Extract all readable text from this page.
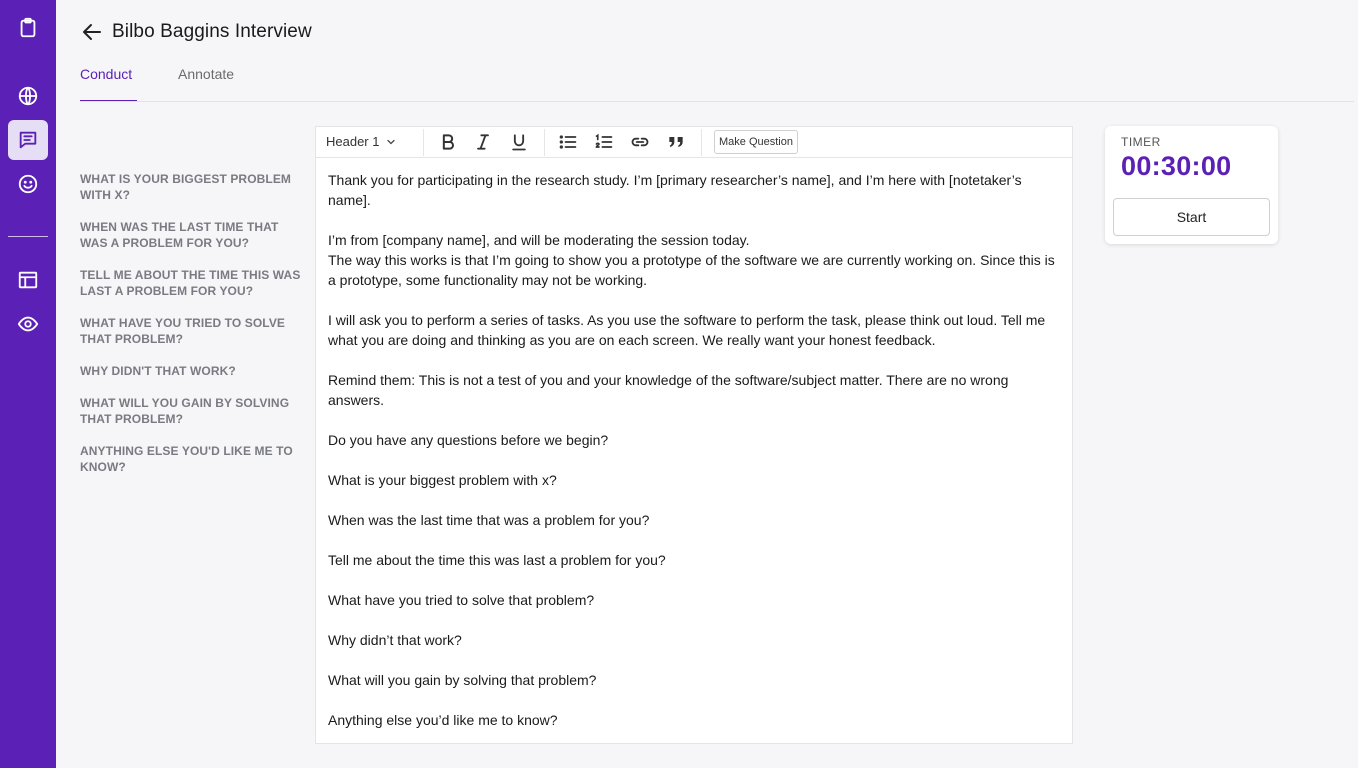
Bilbo Baggins Interview
Conduct	Annotate
WHAT IS YOUR BIGGEST PROBLEM WITH X?
WHEN WAS THE LAST TIME THAT WAS A PROBLEM FOR YOU?
TELL ME ABOUT THE TIME THIS WAS LAST A PROBLEM FOR YOU?
WHAT HAVE YOU TRIED TO SOLVE THAT PROBLEM?
WHY DIDN'T THAT WORK?
WHAT WILL YOU GAIN BY SOLVING THAT PROBLEM?
ANYTHING ELSE YOU'D LIKE ME TO KNOW?
Header 1	Make Question

Thank you for participating in the research study. I’m [primary researcher’s name], and I’m here with [notetaker’s name].

I’m from [company name], and will be moderating the session today.

The way this works is that I’m going to show you a prototype of the software we are currently working on. Since this is a prototype, some functionality may not be working.

I will ask you to perform a series of tasks. As you use the software to perform the task, please think out loud. Tell me what you are doing and thinking as you are on each screen. We really want your honest feedback.

Remind them: This is not a test of you and your knowledge of the software/subject matter. There are no wrong answers.

Do you have any questions before we begin?

What is your biggest problem with x?

When was the last time that was a problem for you?

Tell me about the time this was last a problem for you?

What have you tried to solve that problem?

Why didn’t that work?

What will you gain by solving that problem?

Anything else you’d like me to know?

TIMER
00:30:00
Start
